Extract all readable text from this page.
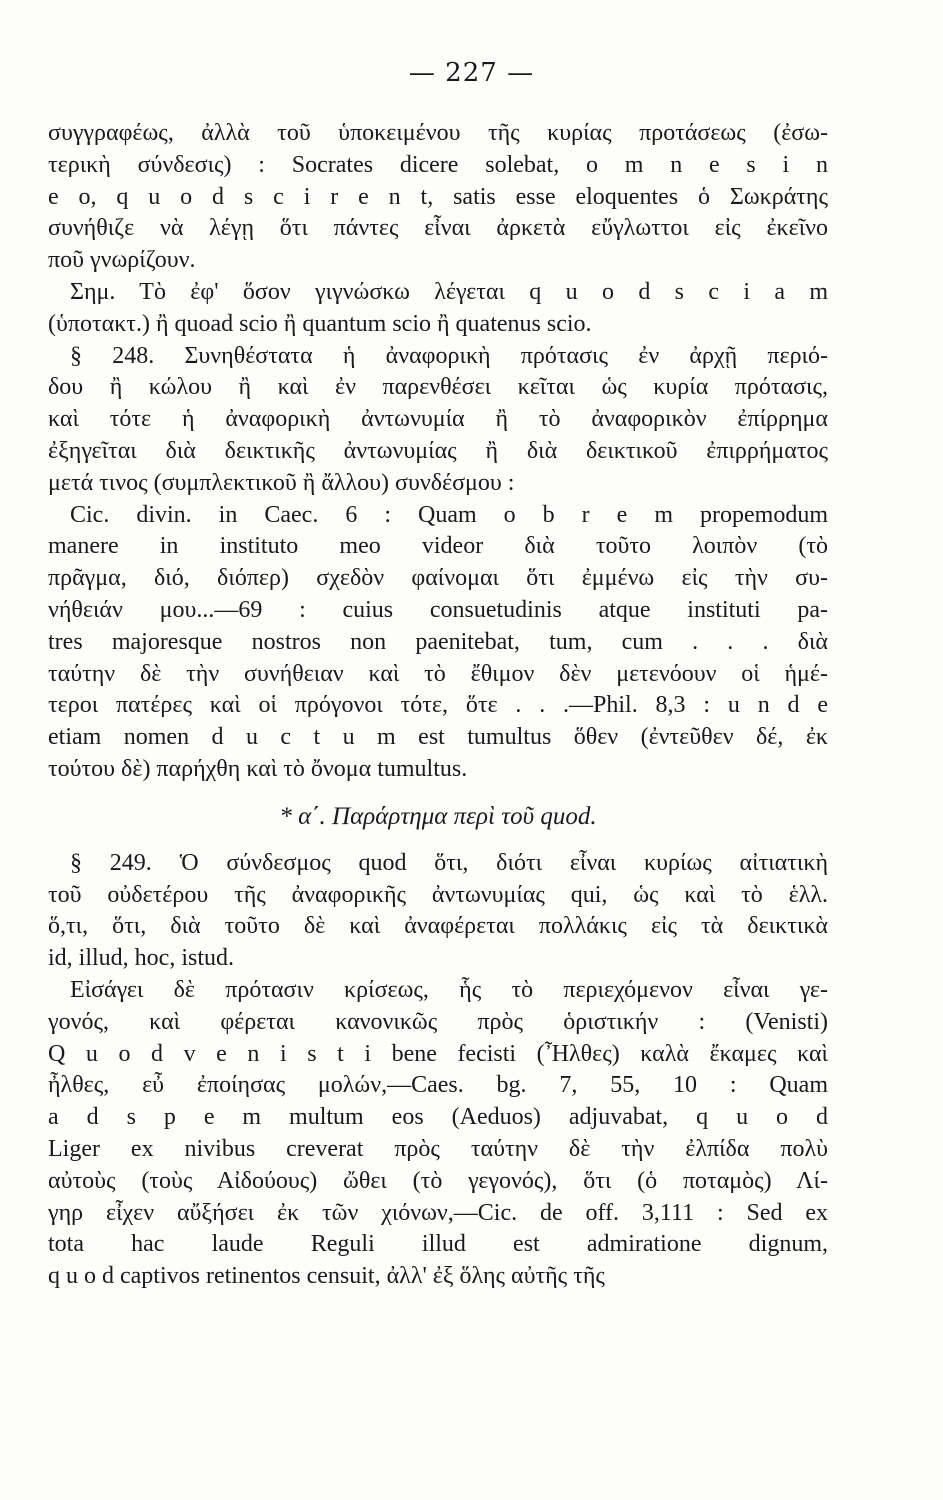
— 227 —
συγγραφέως, ἀλλὰ τοῦ ὑποκειμένου τῆς κυρίας προτάσεως (ἐσω-
τερικὴ σύνδεσις) : Socrates dicere solebat, o m n e s i n
e o, q u o d s c i r e n t, satis esse eloquentes ὁ Σωκράτης
συνήθιζε νὰ λέγῃ ὅτι πάντες εἶναι ἀρκετὰ εὔγλωττοι εἰς ἐκεῖνο
ποῦ γνωρίζουν.
Σημ. Τὸ ἐφ' ὅσον γιγνώσκω λέγεται q u o d s c i a m
(ὑποτακτ.) ἢ quoad scio ἢ quantum scio ἢ quatenus scio.
§ 248. Συνηθέστατα ἡ ἀναφορικὴ πρότασις ἐν ἀρχῇ περιό-
δου ἢ κώλου ἢ καὶ ἐν παρενθέσει κεῖται ὡς κυρία πρότασις,
καὶ τότε ἡ ἀναφορικὴ ἀντωνυμία ἢ τὸ ἀναφορικὸν ἐπίρρημα
ἐξηγεῖται διὰ δεικτικῆς ἀντωνυμίας ἢ διὰ δεικτικοῦ ἐπιρρήματος
μετά τινος (συμπλεκτικοῦ ἢ ἄλλου) συνδέσμου :
Cic. divin. in Caec. 6 : Quam o b r e m propemodum
manere in instituto meo videor διὰ τοῦτο λοιπὸν (τὸ
πρᾶγμα, διό, διόπερ) σχεδὸν φαίνομαι ὅτι ἐμμένω εἰς τὴν συ-
νήθειάν μου...—69 : cuius consuetudinis atque instituti pa-
tres majoresque nostros non paenitebat, tum, cum . . . διὰ
ταύτην δὲ τὴν συνήθειαν καὶ τὸ ἔθιμον δὲν μετενόουν οἱ ἡμέ-
τεροι πατέρες καὶ οἱ πρόγονοι τότε, ὅτε . . .—Phil. 8,3 : u n d e
etiam nomen d u c t u m est tumultus ὅθεν (ἐντεῦθεν δέ, ἐκ
τούτου δὲ) παρήχθη καὶ τὸ ὄνομα tumultus.
* α΄. Παράρτημα περὶ τοῦ quod.
§ 249. Ὁ σύνδεσμος quod ὅτι, διότι εἶναι κυρίως αἰτιατικὴ
τοῦ οὐδετέρου τῆς ἀναφορικῆς ἀντωνυμίας qui, ὡς καὶ τὸ ἑλλ.
ὅ,τι, ὅτι, διὰ τοῦτο δὲ καὶ ἀναφέρεται πολλάκις εἰς τὰ δεικτικὰ
id, illud, hoc, istud.
Εἰσάγει δὲ πρότασιν κρίσεως, ἧς τὸ περιεχόμενον εἶναι γε-
γονός, καὶ φέρεται κανονικῶς πρὸς ὁριστικήν : (Venisti)
Q u o d v e n i s t i bene fecisti (Ἦλθες) καλὰ ἔκαμες καὶ
ἦλθες, εὖ ἐποίησας μολών,—Caes. bg. 7, 55, 10 : Quam
a d s p e m multum eos (Aeduos) adjuvabat, q u o d
Liger ex nivibus creverat πρὸς ταύτην δὲ τὴν ἐλπίδα πολὺ
αὐτοὺς (τοὺς Αἰδούους) ὤθει (τὸ γεγονός), ὅτι (ὁ ποταμὸς) Λί-
γηρ εἶχεν αὔξήσει ἐκ τῶν χιόνων,—Cic. de off. 3,111 : Sed ex
tota hac laude Reguli illud est admiratione dignum,
q u o d captivos retinentos censuit, ἀλλ' ἐξ ὅλης αὐτῆς τῆς
